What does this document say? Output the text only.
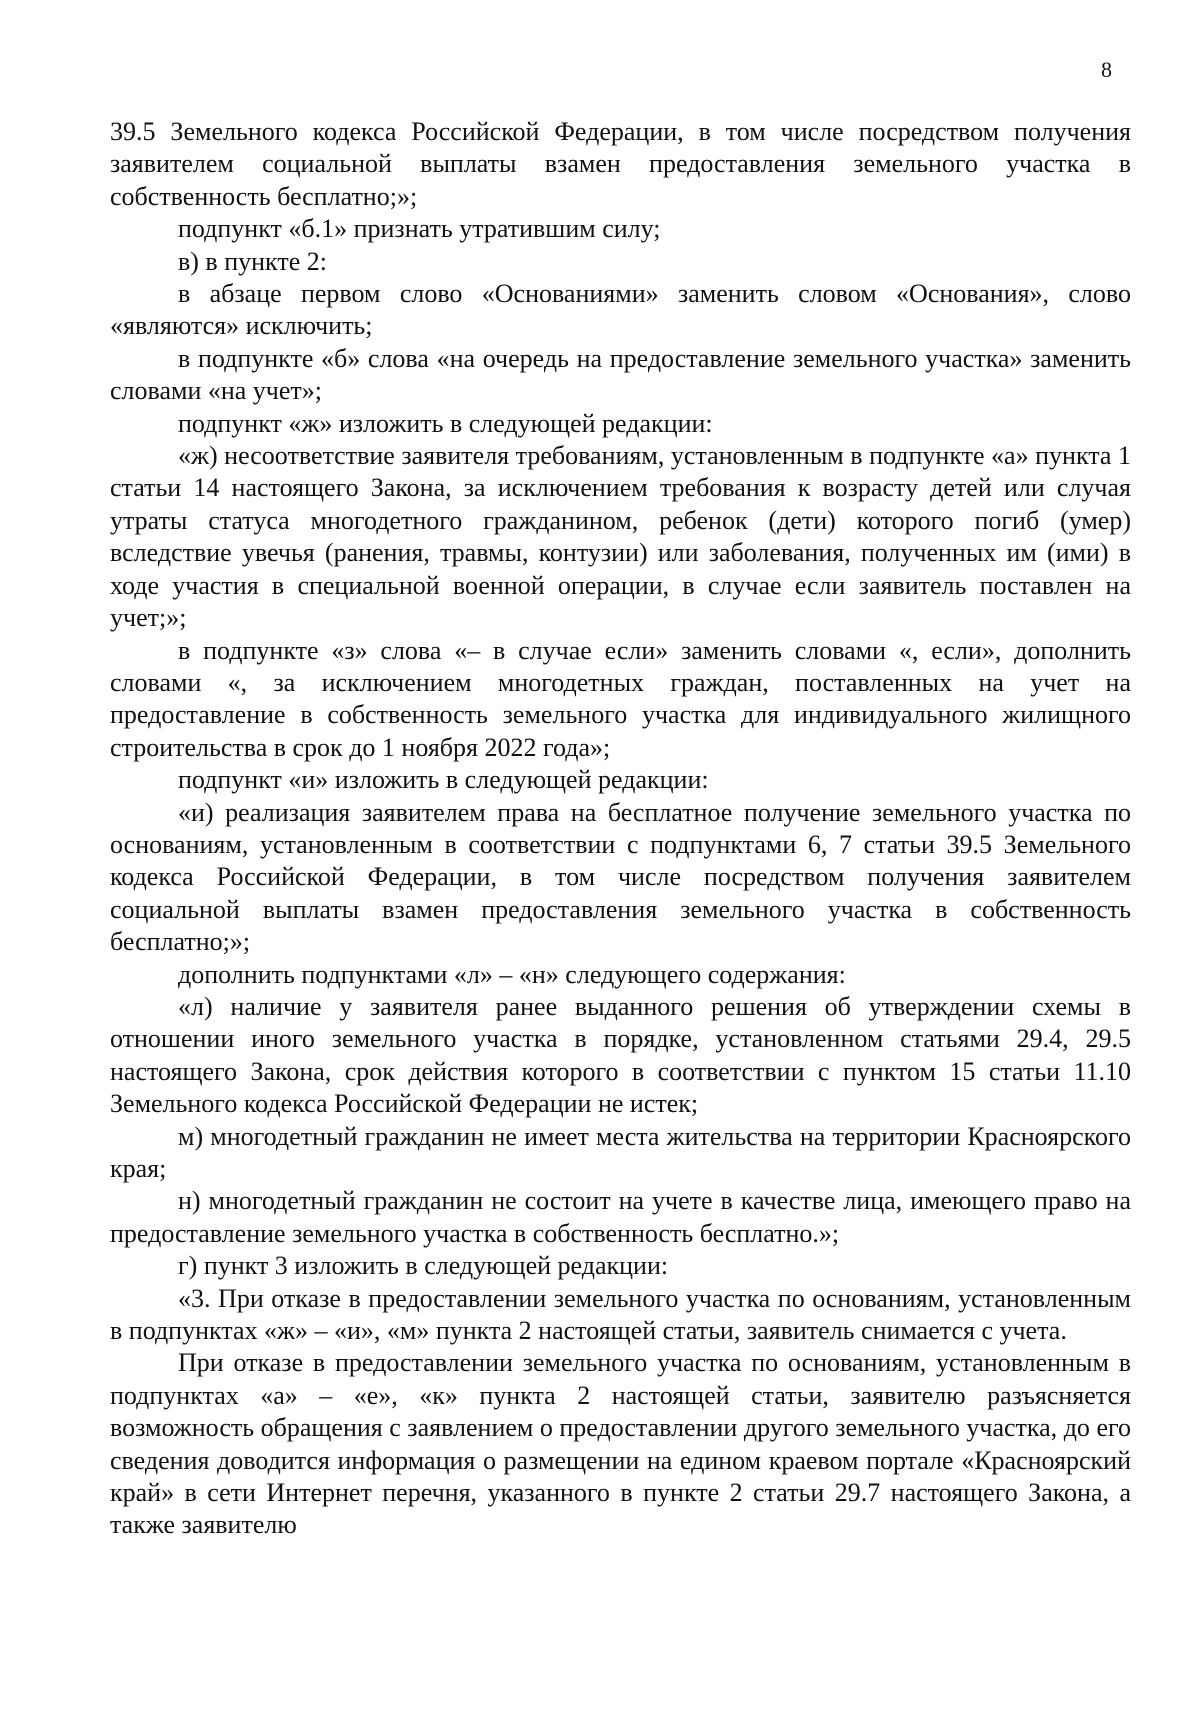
8

39.5 Земельного кодекса Российской Федерации, в том числе посредством получения заявителем социальной выплаты взамен предоставления земельного участка в собственность бесплатно;»;

подпункт «б.1» признать утратившим силу;

в) в пункте 2:

в абзаце первом слово «Основаниями» заменить словом «Основания», слово «являются» исключить;

в подпункте «б» слова «на очередь на предоставление земельного участка» заменить словами «на учет»;

подпункт «ж» изложить в следующей редакции:

«ж) несоответствие заявителя требованиям, установленным в подпункте «а» пункта 1 статьи 14 настоящего Закона, за исключением требования к возрасту детей или случая утраты статуса многодетного гражданином, ребенок (дети) которого погиб (умер) вследствие увечья (ранения, травмы, контузии) или заболевания, полученных им (ими) в ходе участия в специальной военной операции, в случае если заявитель поставлен на учет;»;

в подпункте «з» слова «– в случае если» заменить словами «, если», дополнить словами «, за исключением многодетных граждан, поставленных на учет на предоставление в собственность земельного участка для индивидуального жилищного строительства в срок до 1 ноября 2022 года»;

подпункт «и» изложить в следующей редакции:

«и) реализация заявителем права на бесплатное получение земельного участка по основаниям, установленным в соответствии с подпунктами 6, 7 статьи 39.5 Земельного кодекса Российской Федерации, в том числе посредством получения заявителем социальной выплаты взамен предоставления земельного участка в собственность бесплатно;»;

дополнить подпунктами «л» – «н» следующего содержания:

«л) наличие у заявителя ранее выданного решения об утверждении схемы в отношении иного земельного участка в порядке, установленном статьями 29.4, 29.5 настоящего Закона, срок действия которого в соответствии с пунктом 15 статьи 11.10 Земельного кодекса Российской Федерации не истек;

м) многодетный гражданин не имеет места жительства на территории Красноярского края;

н) многодетный гражданин не состоит на учете в качестве лица, имеющего право на предоставление земельного участка в собственность бесплатно.»;

г) пункт 3 изложить в следующей редакции:

«3. При отказе в предоставлении земельного участка по основаниям, установленным в подпунктах «ж» – «и», «м» пункта 2 настоящей статьи, заявитель снимается с учета.

При отказе в предоставлении земельного участка по основаниям, установленным в подпунктах «а» – «е», «к» пункта 2 настоящей статьи, заявителю разъясняется возможность обращения с заявлением о предоставлении другого земельного участка, до его сведения доводится информация о размещении на едином краевом портале «Красноярский край» в сети Интернет перечня, указанного в пункте 2 статьи 29.7 настоящего Закона, а также заявителю
